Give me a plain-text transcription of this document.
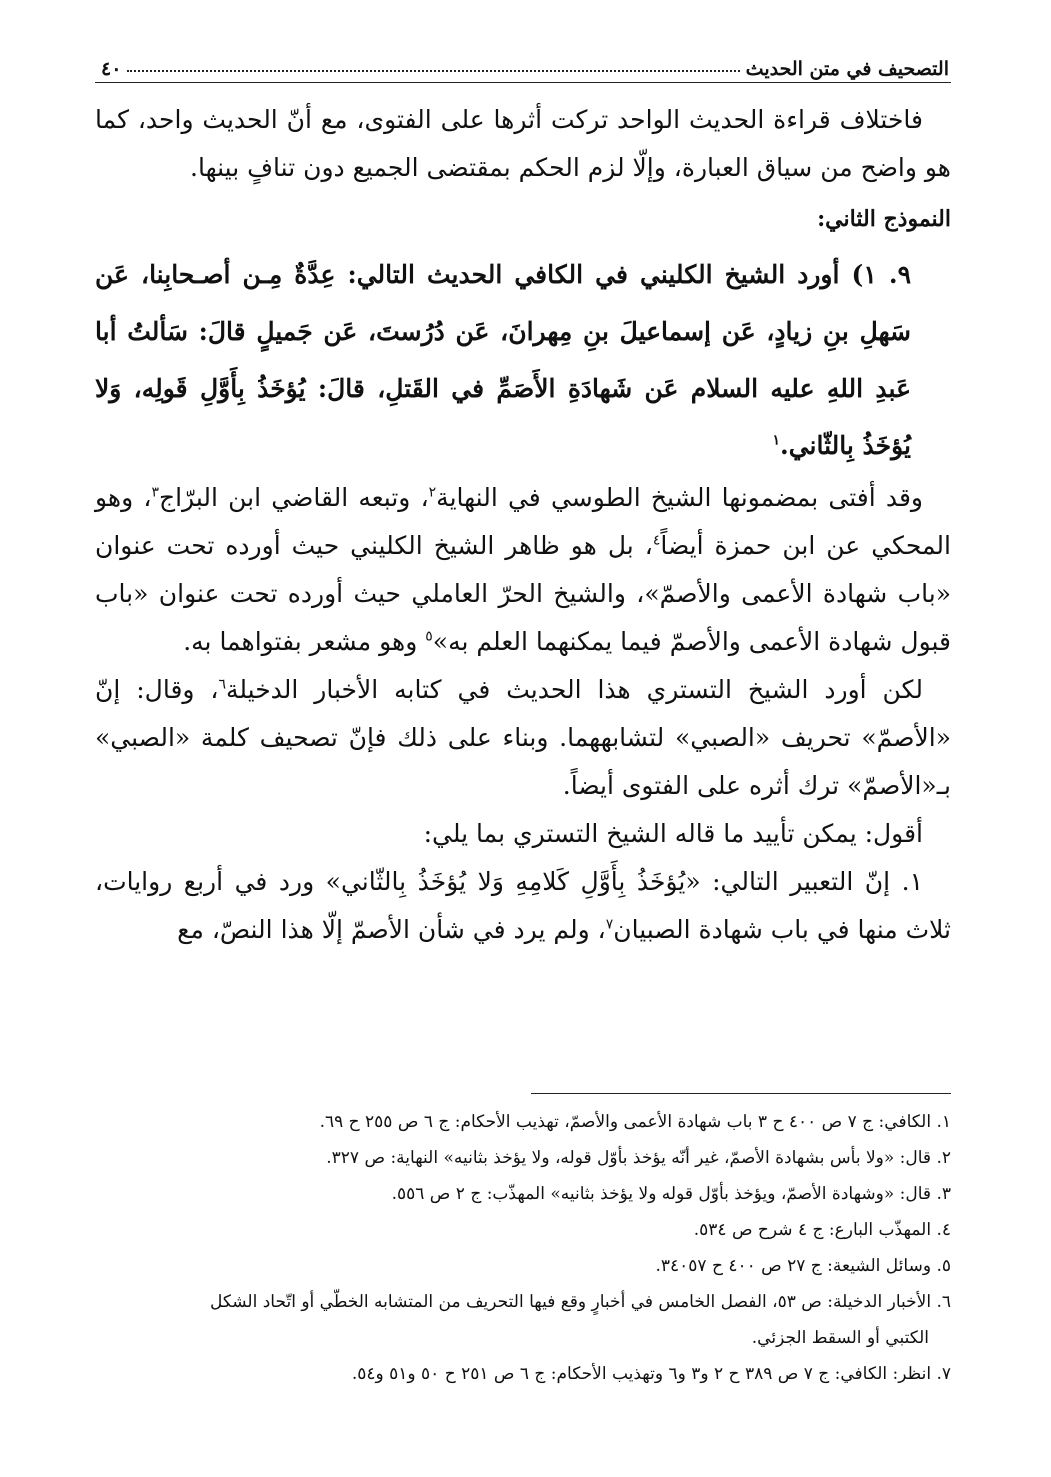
التصحيف في متن الحديث
٤٠

فاختلاف قراءة الحديث الواحد تركت أثرها على الفتوى، مع أنّ الحديث واحد، كما هو واضح من سياق العبارة، وإلّا لزم الحكم بمقتضى الجميع دون تنافٍ بينها.

النموذج الثاني:

٩. ١) أورد الشيخ الكليني في الكافي الحديث التالي: عِدَّةٌ مِـن أصـحابِنا، عَن سَهلِ بنِ زيادٍ، عَن إسماعيلَ بنِ مِهرانَ، عَن دُرُستَ، عَن جَميلٍ قالَ: سَألتُ أبا عَبدِ اللهِ عليه السلام عَن شَهادَةِ الأَصَمِّ في القَتلِ، قالَ: يُؤخَذُ بِأَوَّلِ قَولِه، وَلا يُؤخَذُ بِالثّاني.$^١$

وقد أفتى بمضمونها الشيخ الطوسي في النهاية$^٢$، وتبعه القاضي ابن البرّاج$^٣$، وهو المحكي عن ابن حمزة أيضاً$^٤$، بل هو ظاهر الشيخ الكليني حيث أورده تحت عنوان «باب شهادة الأعمى والأصمّ»، والشيخ الحرّ العاملي حيث أورده تحت عنوان «باب قبول شهادة الأعمى والأصمّ فيما يمكنهما العلم به»$^٥$ وهو مشعر بفتواهما به.

لكن أورد الشيخ التستري هذا الحديث في كتابه الأخبار الدخيلة$^٦$، وقال: إنّ «الأصمّ» تحريف «الصبي» لتشابههما. وبناء على ذلك فإنّ تصحيف كلمة «الصبي» بـ«الأصمّ» ترك أثره على الفتوى أيضاً.

أقول: يمكن تأييد ما قاله الشيخ التستري بما يلي:

١. إنّ التعبير التالي: «يُؤخَذُ بِأَوَّلِ كَلامِهِ وَلا يُؤخَذُ بِالثّاني» ورد في أربع روايات، ثلاث منها في باب شهادة الصبيان$^٧$، ولم يرد في شأن الأصمّ إلّا هذا النصّ، مع

١. الكافي: ج ٧ ص ٤٠٠ ح ٣ باب شهادة الأعمى والأصمّ، تهذيب الأحكام: ج ٦ ص ٢٥٥ ح ٦٩.

٢. قال: «ولا بأس بشهادة الأصمّ، غير أنّه يؤخذ بأوّل قوله، ولا يؤخذ بثانيه» النهاية: ص ٣٢٧.

٣. قال: «وشهادة الأصمّ، ويؤخذ بأوّل قوله ولا يؤخذ بثانيه» المهذّب: ج ٢ ص ٥٥٦.

٤. المهذّب البارع: ج ٤ شرح ص ٥٣٤.

٥. وسائل الشيعة: ج ٢٧ ص ٤٠٠ ح ٣٤٠٥٧.

٦. الأخبار الدخيلة: ص ٥٣، الفصل الخامس في أخبارٍ وقع فيها التحريف من المتشابه الخطّي أو اتّحاد الشكل

الكتبي أو السقط الجزئي.

٧. انظر: الكافي: ج ٧ ص ٣٨٩ ح ٢ و٣ و٦ وتهذيب الأحكام: ج ٦ ص ٢٥١ ح ٥٠ و٥١ و٥٤.
